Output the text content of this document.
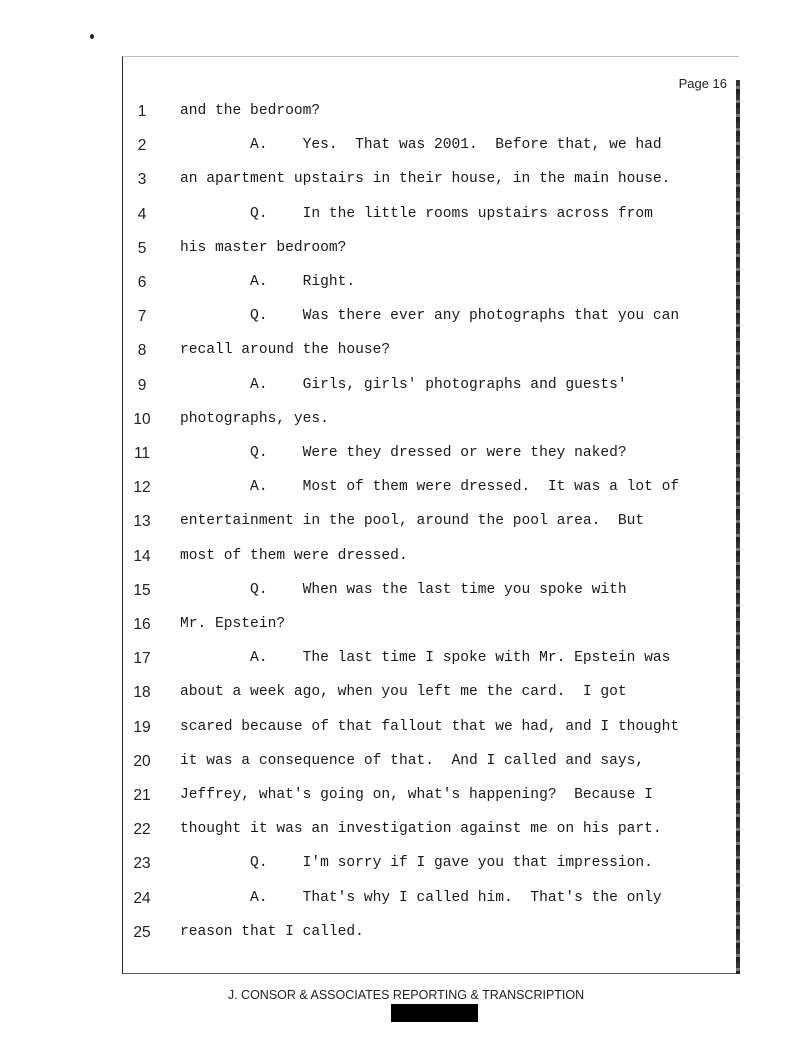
Page 16
1	and the bedroom?
2	A.    Yes.  That was 2001.  Before that, we had
3	an apartment upstairs in their house, in the main house.
4	Q.    In the little rooms upstairs across from
5	his master bedroom?
6	A.    Right.
7	Q.    Was there ever any photographs that you can
8	recall around the house?
9	A.    Girls, girls' photographs and guests'
10	photographs, yes.
11	Q.    Were they dressed or were they naked?
12	A.    Most of them were dressed.  It was a lot of
13	entertainment in the pool, around the pool area.  But
14	most of them were dressed.
15	Q.    When was the last time you spoke with
16	Mr. Epstein?
17	A.    The last time I spoke with Mr. Epstein was
18	about a week ago, when you left me the card.  I got
19	scared because of that fallout that we had, and I thought
20	it was a consequence of that.  And I called and says,
21	Jeffrey, what's going on, what's happening?  Because I
22	thought it was an investigation against me on his part.
23	Q.    I'm sorry if I gave you that impression.
24	A.    That's why I called him.  That's the only
25	reason that I called.
J. CONSOR & ASSOCIATES REPORTING & TRANSCRIPTION
